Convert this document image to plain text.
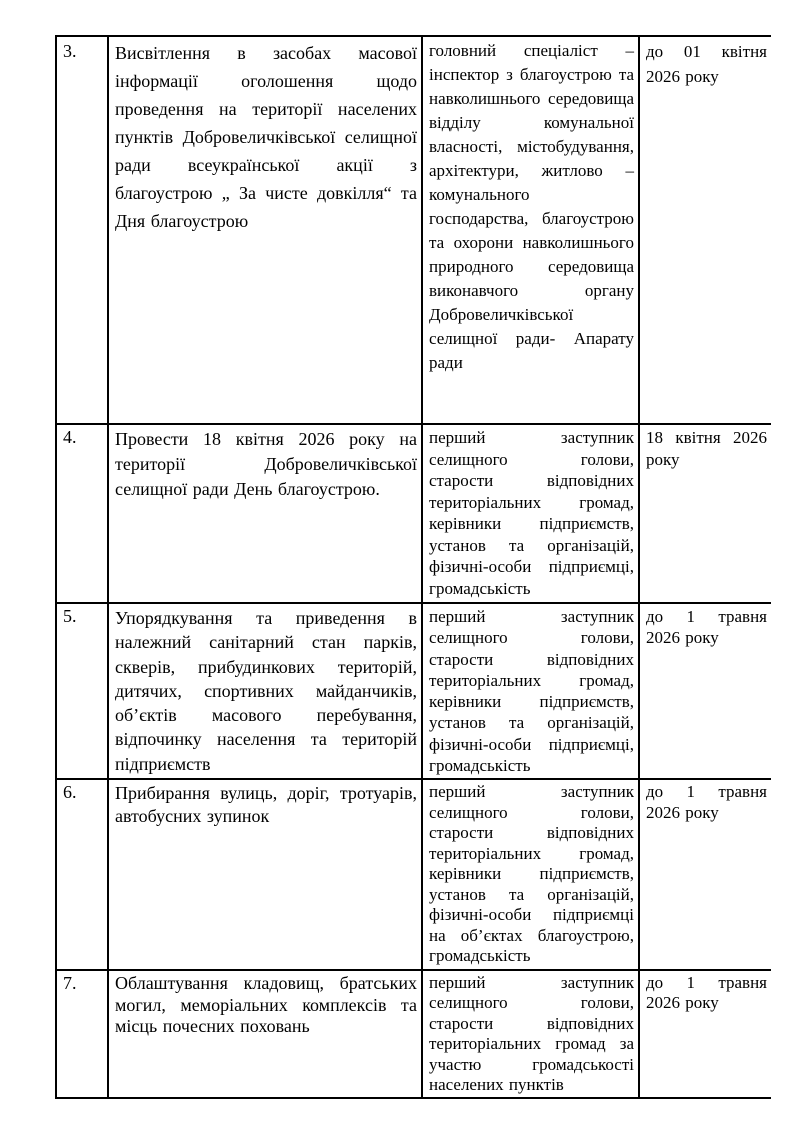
3.	Висвітлення в засобах масової інформації оголошення щодо проведення на території населених пунктів Добровеличківської селищної ради всеукраїнської акції з благоустрою „ За чисте довкілля“ та Дня благоустрою	головний спеціаліст – інспектор з благоустрою та навколишнього середовища відділу комунальної власності, містобудування, архітектури, житлово – комунального господарства, благоустрою та охорони навколишнього природного середовища виконавчого органу Добровеличківської селищної ради- Апарату ради	до 01 квітня 2026 року
4.	Провести 18 квітня 2026 року на території Добровеличківської селищної ради День благоустрою.	перший заступник селищного голови, старости відповідних територіальних громад, керівники підприємств, установ та організацій, фізичні-особи підприємці, громадськість	18 квітня 2026 року
5.	Упорядкування та приведення в належний санітарний стан парків, скверів, прибудинкових територій, дитячих, спортивних майданчиків, об’єктів масового перебування, відпочинку населення та територій підприємств	перший заступник селищного голови, старости відповідних територіальних громад, керівники підприємств, установ та організацій, фізичні-особи підприємці, громадськість	до 1 травня 2026 року
6.	Прибирання вулиць, доріг, тротуарів, автобусних зупинок	перший заступник селищного голови, старости відповідних територіальних громад, керівники підприємств, установ та організацій, фізичні-особи підприємці на об’єктах благоустрою, громадськість	до 1 травня 2026 року
7.	Облаштування кладовищ, братських могил, меморіальних комплексів та місць почесних поховань	перший заступник селищного голови, старости відповідних територіальних громад за участю громадськості населених пунктів	до 1 травня 2026 року
